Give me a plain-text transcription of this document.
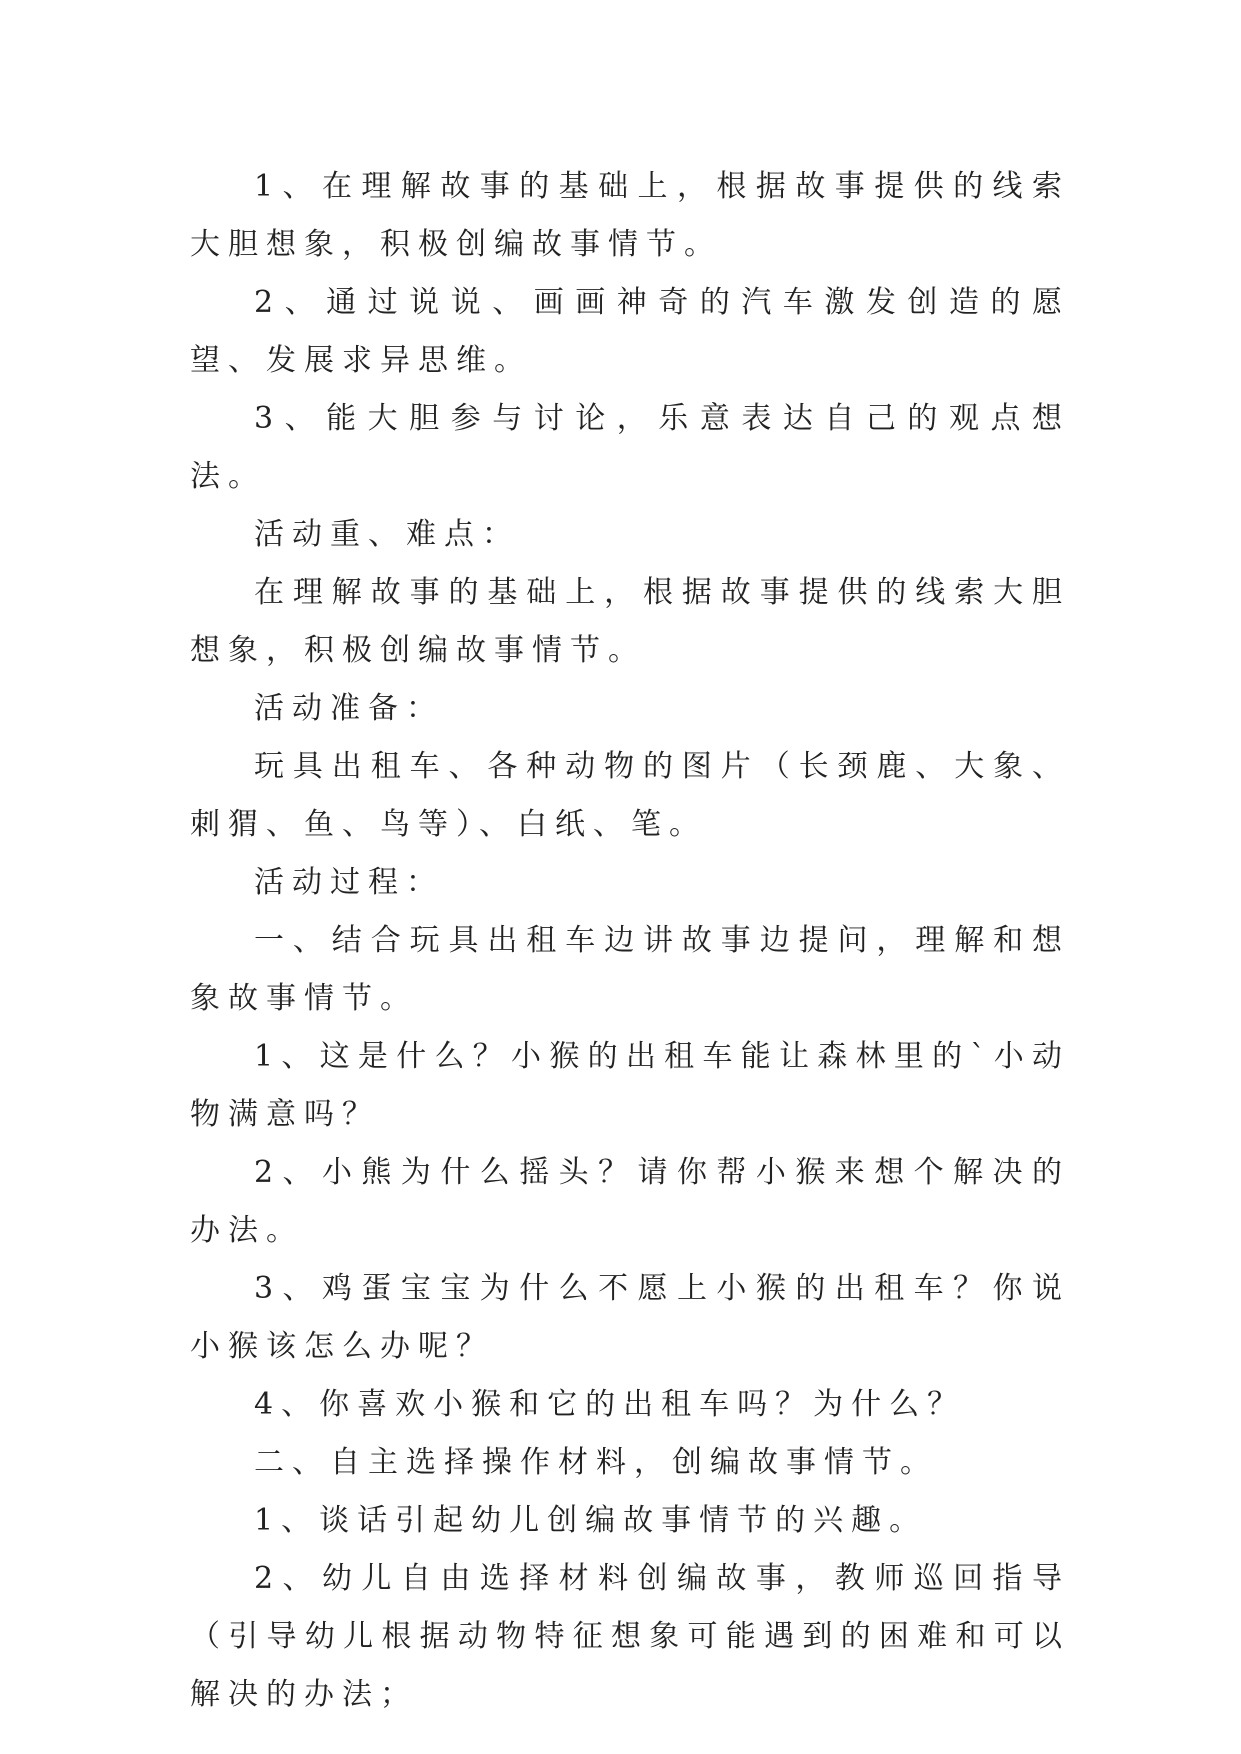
1、在理解故事的基础上，根据故事提供的线索大胆想象，积极创编故事情节。

2、通过说说、画画神奇的汽车激发创造的愿望、发展求异思维。

3、能大胆参与讨论，乐意表达自己的观点想法。

活动重、难点：

在理解故事的基础上，根据故事提供的线索大胆想象，积极创编故事情节。

活动准备：

玩具出租车、各种动物的图片（长颈鹿、大象、刺猬、鱼、鸟等）、白纸、笔。

活动过程：

一、结合玩具出租车边讲故事边提问，理解和想象故事情节。

1、这是什么？小猴的出租车能让森林里的`小动物满意吗？

2、小熊为什么摇头？请你帮小猴来想个解决的办法。

3、鸡蛋宝宝为什么不愿上小猴的出租车？你说小猴该怎么办呢？

4、你喜欢小猴和它的出租车吗？为什么？

二、自主选择操作材料，创编故事情节。

1、谈话引起幼儿创编故事情节的兴趣。

2、幼儿自由选择材料创编故事，教师巡回指导（引导幼儿根据动物特征想象可能遇到的困难和可以解决的办法；
